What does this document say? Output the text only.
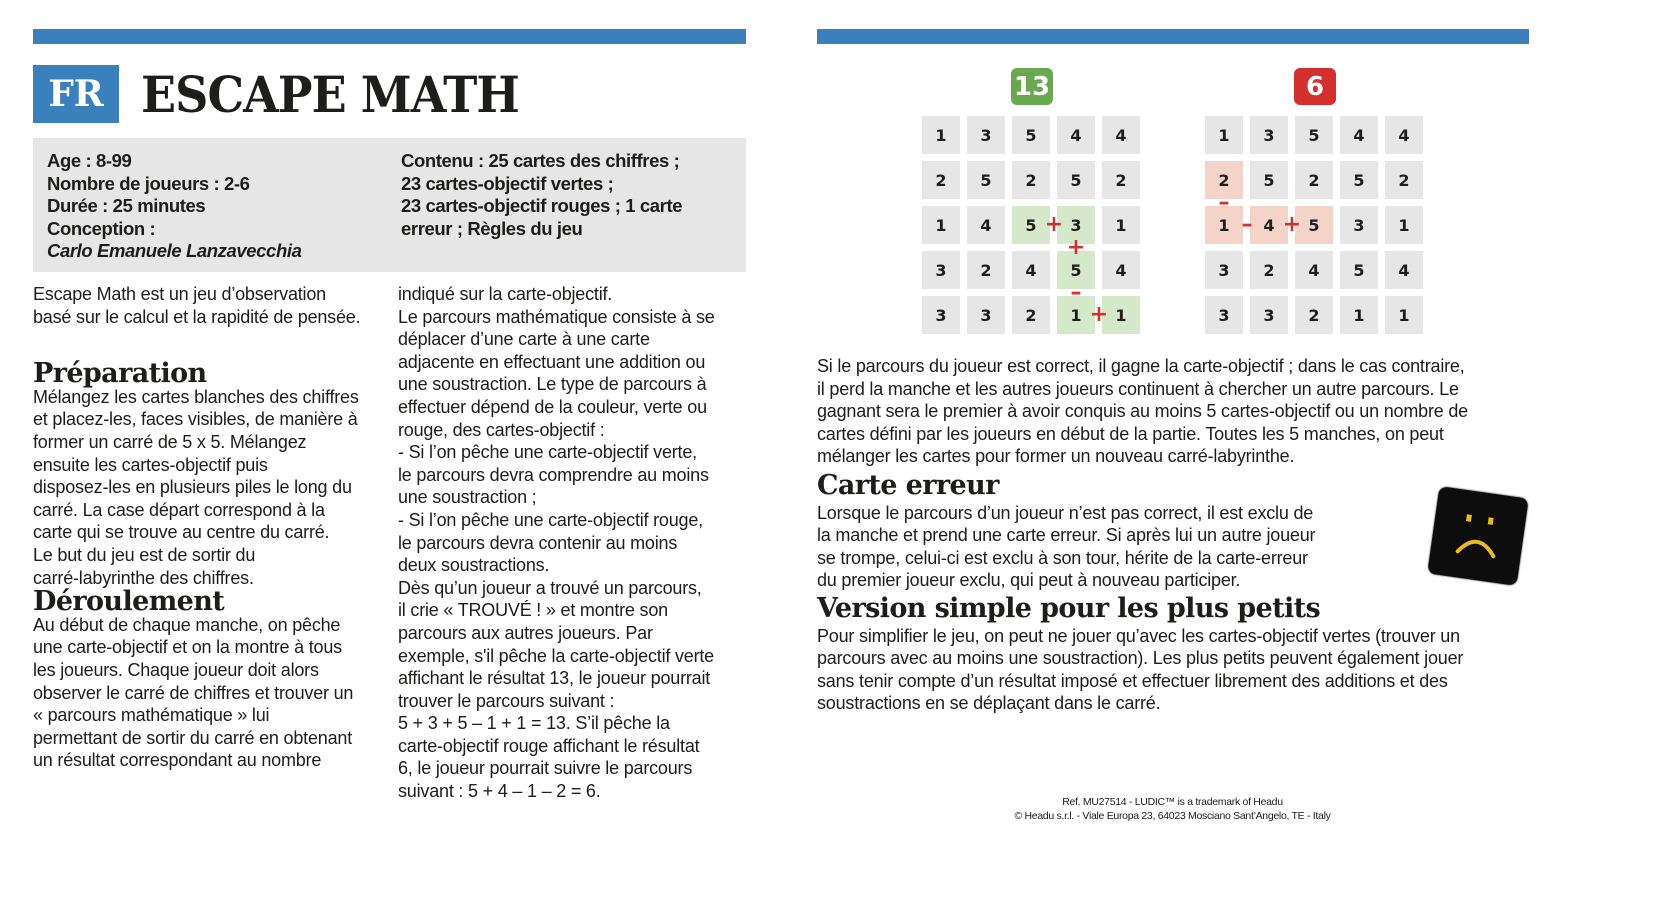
FR ESCAPE MATH
Age : 8-99
Nombre de joueurs : 2-6
Durée : 25 minutes
Conception :
Carlo Emanuele Lanzavecchia
Contenu : 25 cartes des chiffres ;
23 cartes-objectif vertes ;
23 cartes-objectif rouges ; 1 carte
erreur ; Règles du jeu

Escape Math est un jeu d’observation

basé sur le calcul et la rapidité de pensée.

Préparation

Mélangez les cartes blanches des chiffres

et placez-les, faces visibles, de manière à

former un carré de 5 x 5. Mélangez

ensuite les cartes-objectif puis

disposez-les en plusieurs piles le long du

carré. La case départ correspond à la

carte qui se trouve au centre du carré.

Le but du jeu est de sortir du

carré-labyrinthe des chiffres.

Déroulement

Au début de chaque manche, on pêche

une carte-objectif et on la montre à tous

les joueurs. Chaque joueur doit alors

observer le carré de chiffres et trouver un

« parcours mathématique » lui

permettant de sortir du carré en obtenant

un résultat correspondant au nombre

indiqué sur la carte-objectif.

Le parcours mathématique consiste à se

déplacer d’une carte à une carte

adjacente en effectuant une addition ou

une soustraction. Le type de parcours à

effectuer dépend de la couleur, verte ou

rouge, des cartes-objectif :

- Si l’on pêche une carte-objectif verte,

le parcours devra comprendre au moins

une soustraction ;

- Si l’on pêche une carte-objectif rouge,

le parcours devra contenir au moins

deux soustractions.

Dès qu’un joueur a trouvé un parcours,

il crie « TROUVÉ ! » et montre son

parcours aux autres joueurs. Par

exemple, s'il pêche la carte-objectif verte

affichant le résultat 13, le joueur pourrait

trouver le parcours suivant :

5 + 3 + 5 – 1 + 1 = 13. S’il pêche la

carte-objectif rouge affichant le résultat

6, le joueur pourrait suivre le parcours

suivant : 5 + 4 – 1 – 2 = 6.

13	6
1	3	5	4	4
2	5	2	5	2
1	4	5	3	1
3	2	4	5	4
3	3	2	1	1
+
+
–
+
1	3	5	4	4
2	5	2	5	2
1	4	5	3	1
3	2	4	5	4
3	3	2	1	1
–
– +

Si le parcours du joueur est correct, il gagne la carte-objectif ; dans le cas contraire,

il perd la manche et les autres joueurs continuent à chercher un autre parcours. Le

gagnant sera le premier à avoir conquis au moins 5 cartes-objectif ou un nombre de

cartes défini par les joueurs en début de la partie. Toutes les 5 manches, on peut

mélanger les cartes pour former un nouveau carré-labyrinthe.

Carte erreur

Lorsque le parcours d’un joueur n’est pas correct, il est exclu de

la manche et prend une carte erreur. Si après lui un autre joueur

se trompe, celui-ci est exclu à son tour, hérite de la carte-erreur

du premier joueur exclu, qui peut à nouveau participer.

Version simple pour les plus petits

Pour simplifier le jeu, on peut ne jouer qu’avec les cartes-objectif vertes (trouver un

parcours avec au moins une soustraction). Les plus petits peuvent également jouer

sans tenir compte d’un résultat imposé et effectuer librement des additions et des

soustractions en se déplaçant dans le carré.

Ref. MU27514 - LUDIC™ is a trademark of Headu
© Headu s.r.l. - Viale Europa 23, 64023 Mosciano Sant’Angelo, TE - Italy
